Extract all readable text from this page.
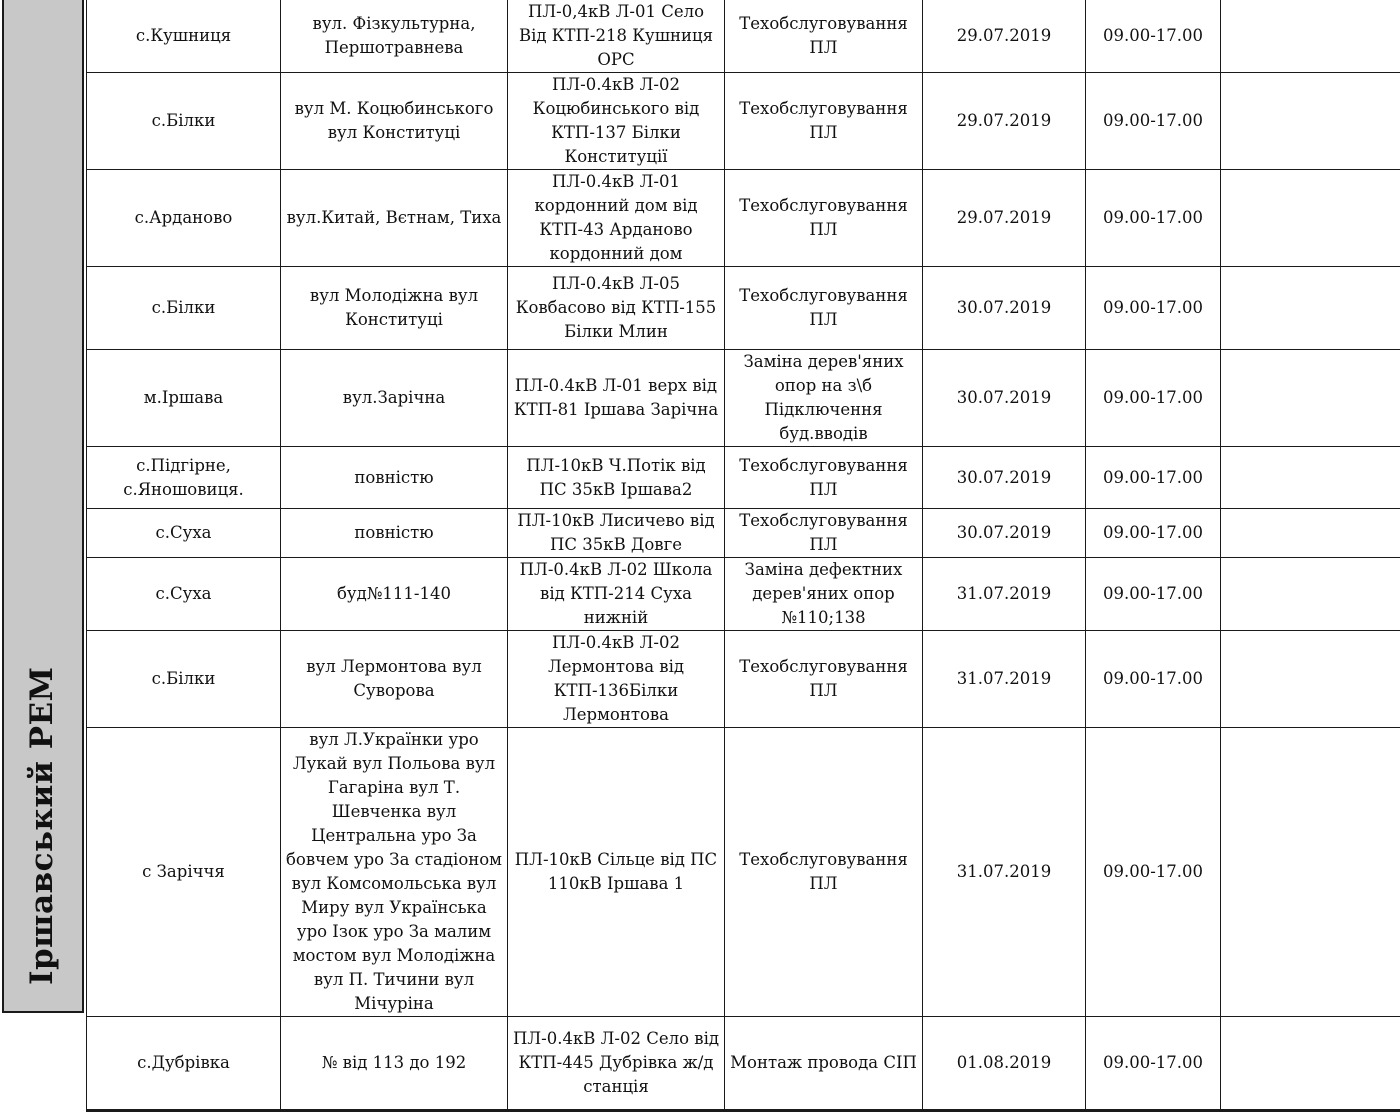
Іршавський РЕМ
с.Кушниця	вул. Фізкультурна, Першотравнева	ПЛ-0,4кВ Л-01 Село Від КТП-218 Кушниця ОРС	Техобслуговування ПЛ	29.07.2019	09.00-17.00	
с.Білки	вул М. Коцюбинського вул Конституці	ПЛ-0.4кВ Л-02 Коцюбинського від КТП-137 Білки Конституції	Техобслуговування ПЛ	29.07.2019	09.00-17.00	
с.Арданово	вул.Китай, Вєтнам, Тиха	ПЛ-0.4кВ Л-01 кордонний дом від КТП-43 Арданово кордонний дом	Техобслуговування ПЛ	29.07.2019	09.00-17.00	
с.Білки	вул Молодіжна вул Конституці	ПЛ-0.4кВ Л-05 Ковбасово від КТП-155 Білки Млин	Техобслуговування ПЛ	30.07.2019	09.00-17.00	
м.Іршава	вул.Зарічна	ПЛ-0.4кВ Л-01 верх від КТП-81 Іршава Зарічна	Заміна дерев'яних опор на з\б Підключення буд.вводів	30.07.2019	09.00-17.00	
с.Підгірне, с.Яношовиця.	повністю	ПЛ-10кВ Ч.Потік від ПС 35кВ Іршава2	Техобслуговування ПЛ	30.07.2019	09.00-17.00	
с.Суха	повністю	ПЛ-10кВ Лисичево від ПС 35кВ Довге	Техобслуговування ПЛ	30.07.2019	09.00-17.00	
с.Суха	буд№111-140	ПЛ-0.4кВ Л-02 Школа від КТП-214 Суха нижній	Заміна дефектних дерев'яних опор №110;138	31.07.2019	09.00-17.00	
с.Білки	вул Лермонтова вул Суворова	ПЛ-0.4кВ Л-02 Лермонтова від КТП-136Білки Лермонтова	Техобслуговування ПЛ	31.07.2019	09.00-17.00	
с Зарiччя	вул Л.Українки уро Лукай вул Польова вул Гагаріна вул Т. Шевченка вул Центральна уро За бовчем уро За стадіоном вул Комсомольська вул Миру вул Українська уро Ізок уро За малим мостом вул Молодіжна вул П. Тичини вул Мічуріна	ПЛ-10кВ Сільце від ПС 110кВ Іршава 1	Техобслуговування ПЛ	31.07.2019	09.00-17.00	
с.Дубрівка	№ від 113 до 192	ПЛ-0.4кВ Л-02 Село від КТП-445 Дубрівка ж/д станція	Монтаж провода СІП	01.08.2019	09.00-17.00	
